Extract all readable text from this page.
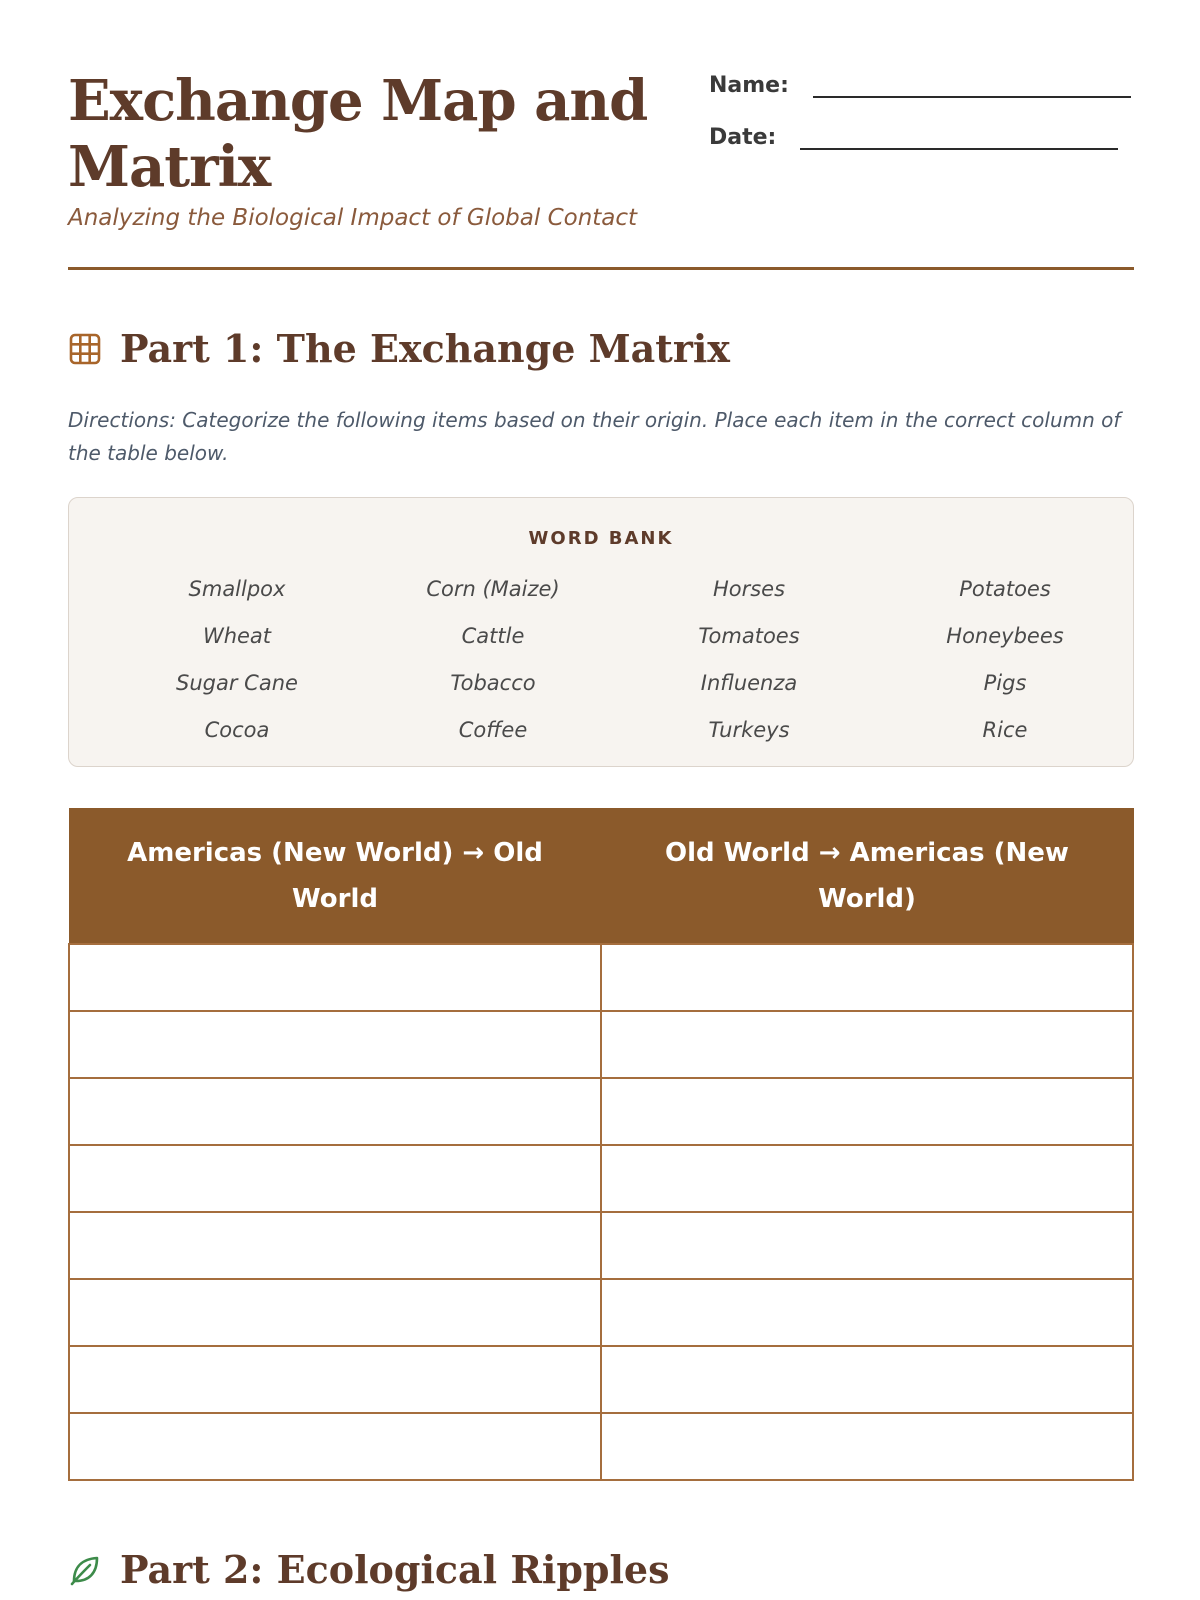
Exchange Map and Matrix
Analyzing the Biological Impact of Global Contact
Name:
Date:
Part 1: The Exchange Matrix
Directions: Categorize the following items based on their origin. Place each item in the correct column of the table below.
WORD BANK
Smallpox	Corn (Maize)	Horses	Potatoes
Wheat	Cattle	Tomatoes	Honeybees
Sugar Cane	Tobacco	Influenza	Pigs
Cocoa	Coffee	Turkeys	Rice
Americas (New World) → Old World	Old World → Americas (New World)

Part 2: Ecological Ripples
